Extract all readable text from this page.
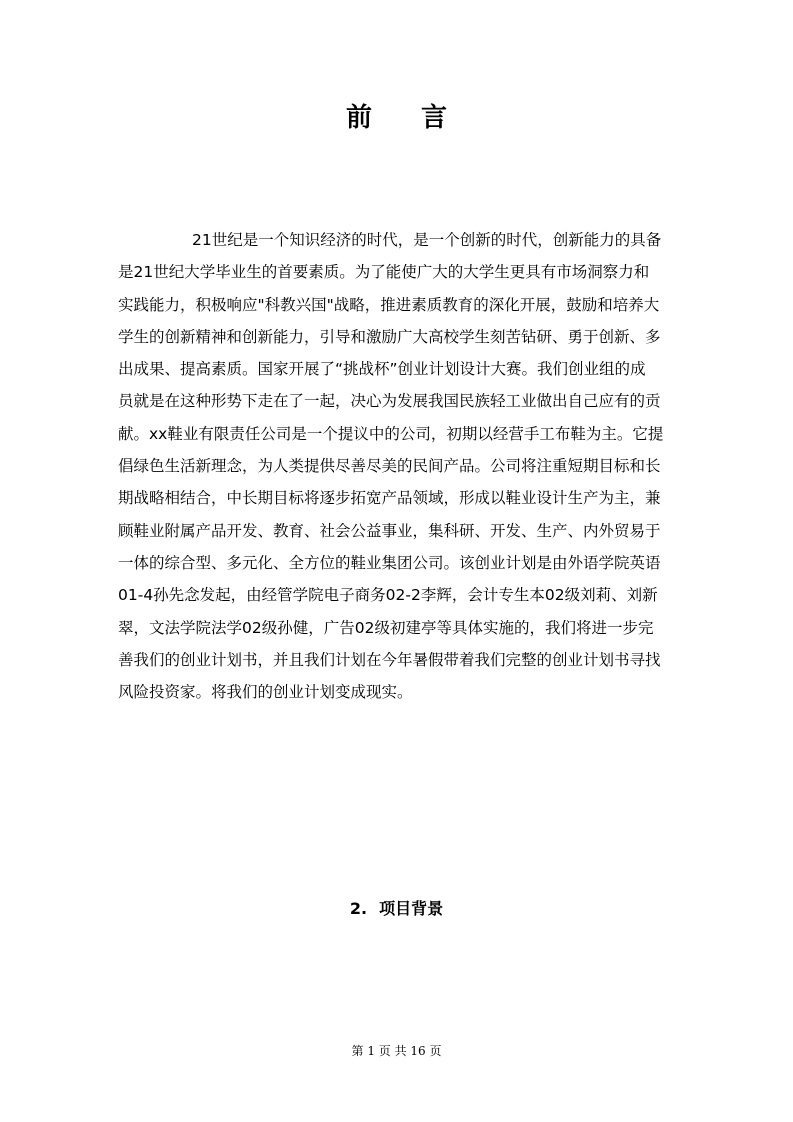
前 言
21世纪是一个知识经济的时代，是一个创新的时代，创新能力的具备
是21世纪大学毕业生的首要素质。为了能使广大的大学生更具有市场洞察力和
实践能力，积极响应"科教兴国"战略，推进素质教育的深化开展，鼓励和培养大
学生的创新精神和创新能力，引导和激励广大高校学生刻苦钻研、勇于创新、多
出成果、提高素质。国家开展了“挑战杯”创业计划设计大赛。我们创业组的成
员就是在这种形势下走在了一起，决心为发展我国民族轻工业做出自己应有的贡
献。xx鞋业有限责任公司是一个提议中的公司，初期以经营手工布鞋为主。它提
倡绿色生活新理念，为人类提供尽善尽美的民间产品。公司将注重短期目标和长
期战略相结合，中长期目标将逐步拓宽产品领域，形成以鞋业设计生产为主，兼
顾鞋业附属产品开发、教育、社会公益事业，集科研、开发、生产、内外贸易于
一体的综合型、多元化、全方位的鞋业集团公司。该创业计划是由外语学院英语
01-4孙先念发起，由经管学院电子商务02-2李辉，会计专生本02级刘莉、刘新
翠，文法学院法学02级孙健，广告02级初建亭等具体实施的，我们将进一步完
善我们的创业计划书，并且我们计划在今年暑假带着我们完整的创业计划书寻找
风险投资家。将我们的创业计划变成现实。
2. 项目背景
第 1 页 共 16 页
